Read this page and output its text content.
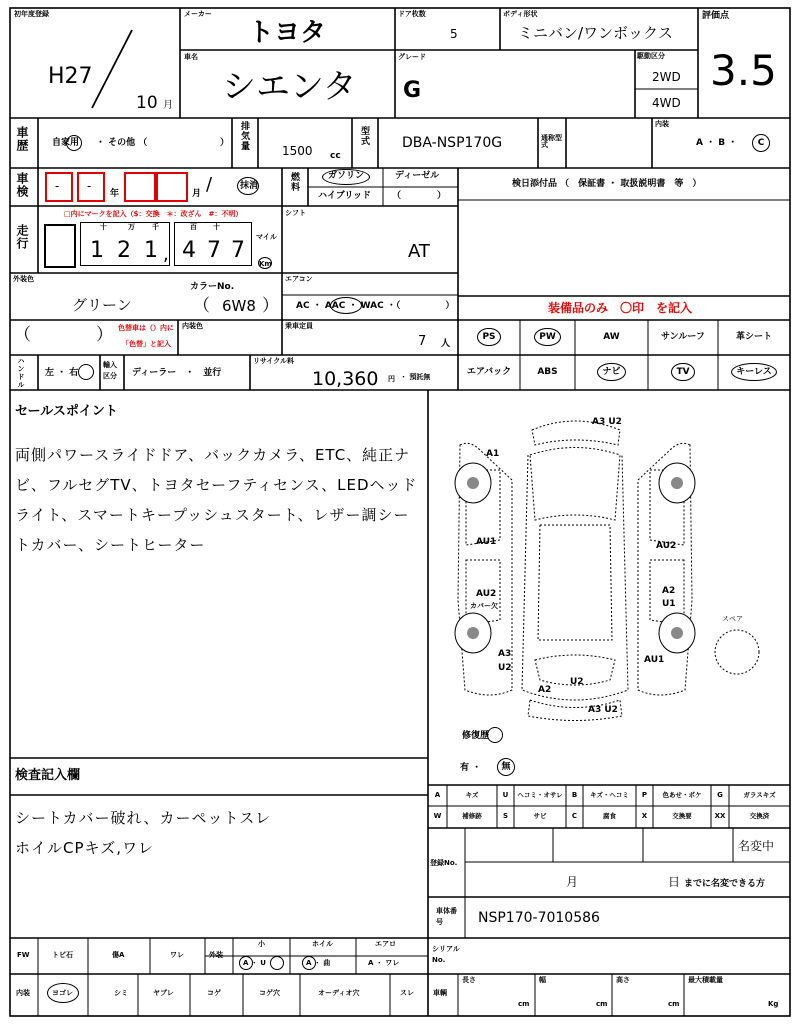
初年度登録
H27
10 月
メーカー
トヨタ
ドア枚数
5
ボディ形状
ミニバン/ワンボックス
評価点
3.5
車名
シエンタ
グレード
G
駆動区分
2WD
4WD
車歴	自家用 ・ その他 （	） 排気量	1500 cc
型式 DBA-NSP170G	通称型式
内装
A ・ B ・	C
車検 - -
年	月 /	抹消	燃料	ガソリン	ディーゼル
ハイブリッド （　　　　）
検日添付品 （　保証書 ・ 取扱説明書　等　）
走行
□内にマークを記入（$：交換　＊：改ざん　#：不明）
十	万 千	百 十
1 2 1 , 4 7 7
マイル
Km
シフト
AT
外装色
グリーン
カラーNo.
（ 6W8 ）
エアコン
AC ・ AAC ・ WAC ・（　　　　　）
（	） 色替車は（）内に
「色替」と記入
内装色	乗車定員
7 人
装備品のみ　〇印　を記入
PS	PW	AW	サンルーフ	革シート
エアバック	ABS	ナビ	TV	キーレス
ハンドル 左 ・ 右
輸入区分	ディーラー　・　並行
リサイクル料
10,360 円 ・ 預託無
セールスポイント
両側パワースライドドア、バックカメラ、ETC、純正ナビ、フルセグTV、トヨタセーフティセンス、LEDヘッドライト、スマートキープッシュスタート、レザー調シートカバー、シートヒーター
A3 U2
A1
AU1
AU2
カバー欠
A3
U2
A2
U2
A3 U2
AU2
A2
U1
AU1
スペア
修復歴
有 ・	無
検査記入欄
シートカバー破れ、カーペットスレ
ホイルCPキズ,ワレ
A	キズ	U	ヘコミ・オサレ	B	キズ・ヘコミ	P	色あせ・ボケ	G	ガラスキズ
W	補修跡	S	サビ	C	腐食	X	交換要	XX	交換済
登録No.
名変中
月	日 までに名変できる方
車体番号	NSP170-7010586
FW	トビ石	傷A	ワレ	外装
小	ホイル	エアロ
A ・ U	A ・ 曲	A ・ ワレ
シリアルNo.
内装	ヨゴレ	シミ	ヤブレ	コゲ	コゲ穴	オーディオ穴	スレ	車輌
長さ
cm
幅
cm
高さ
cm
最大積載量
Kg
